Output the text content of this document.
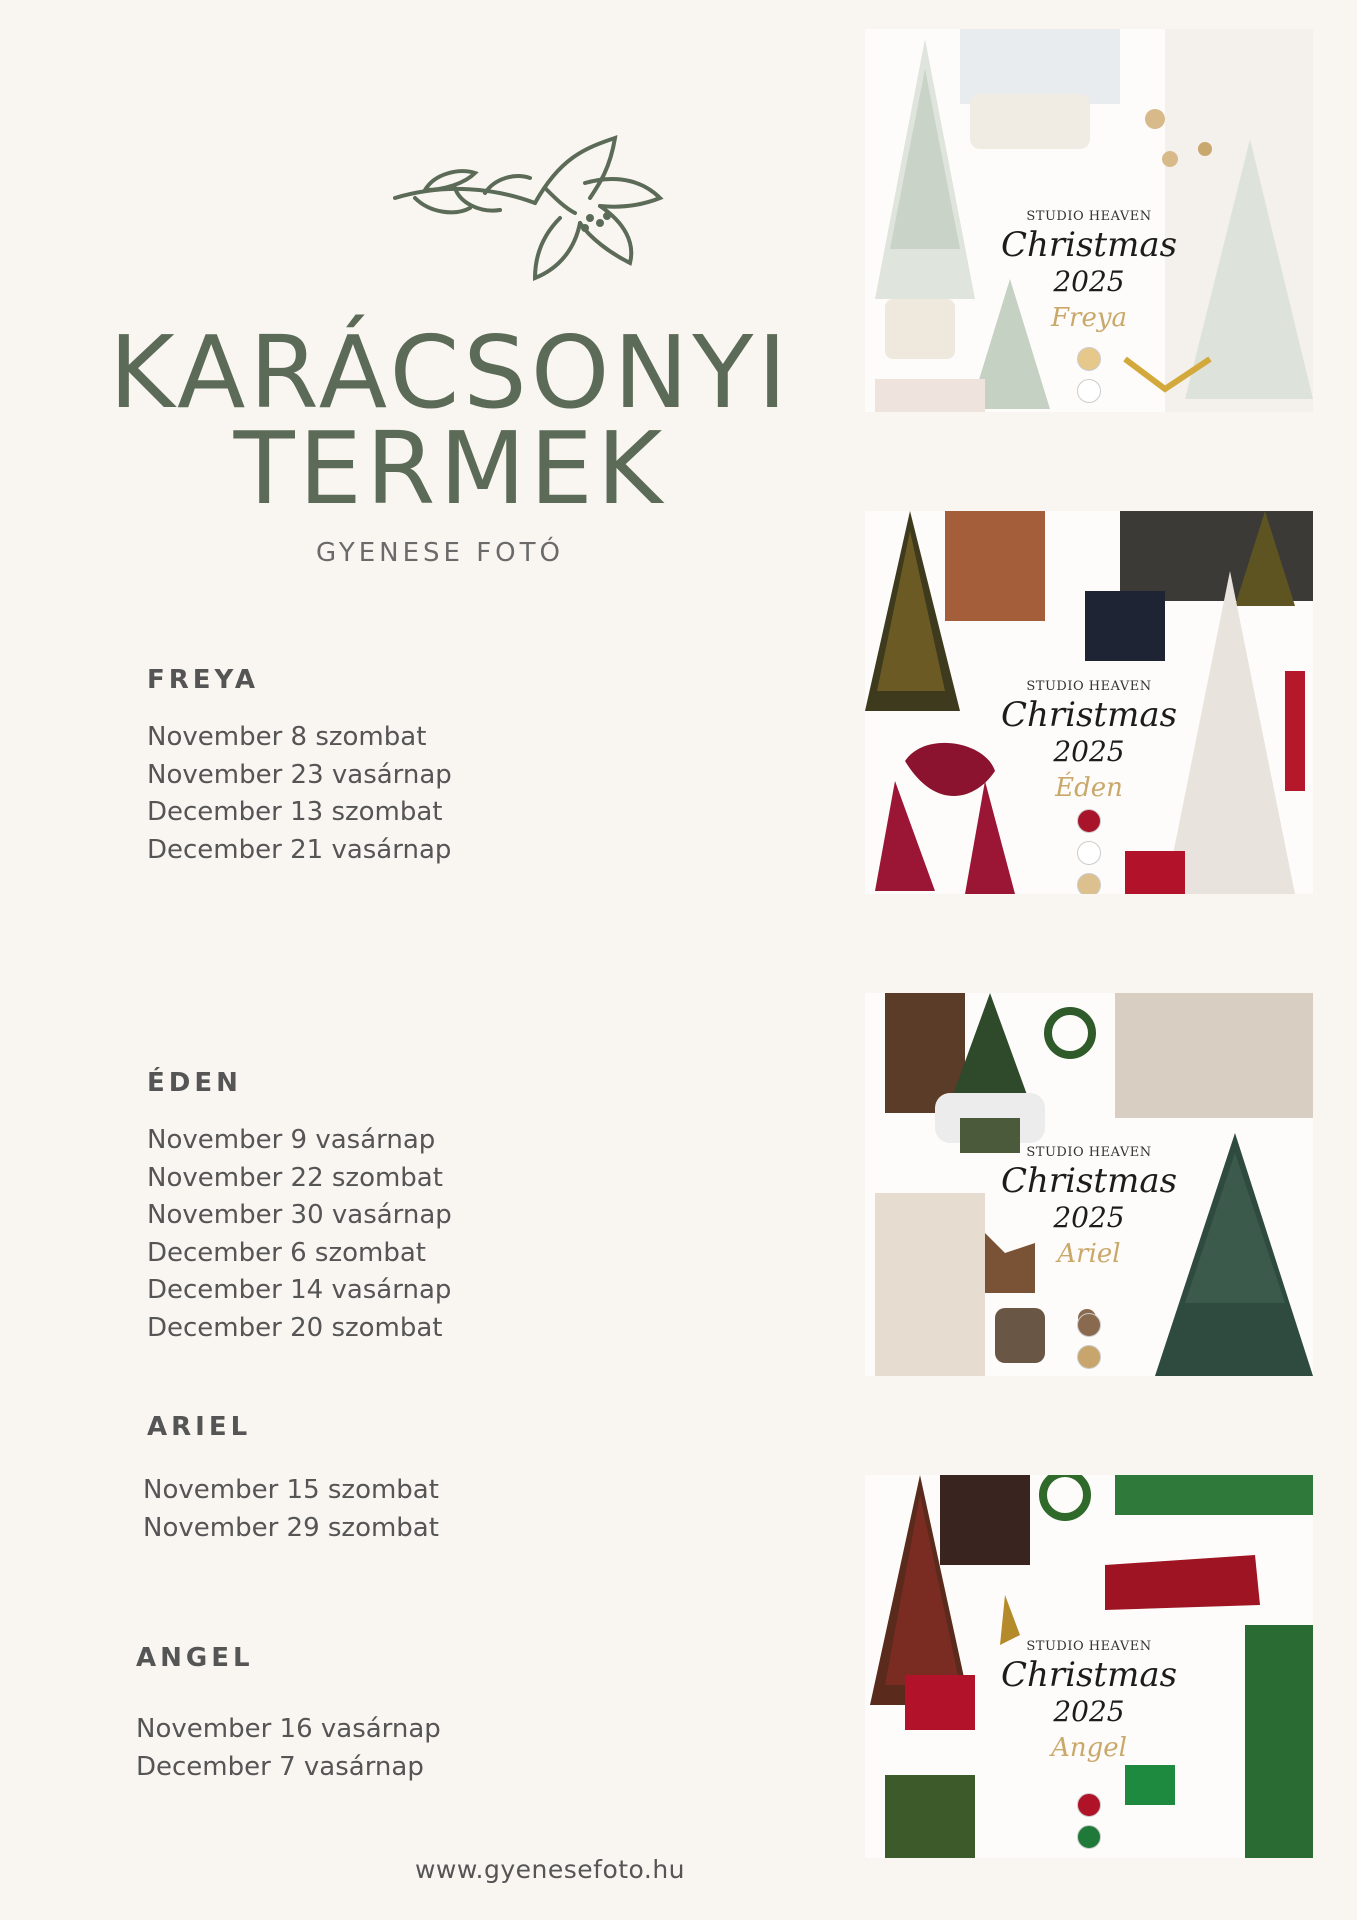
KARÁCSONYI
TERMEK
GYENESE FOTÓ
FREYA
November 8 szombat
November 23 vasárnap
December 13 szombat
December 21 vasárnap
ÉDEN
November 9 vasárnap
November 22 szombat
November 30 vasárnap
December 6 szombat
December 14 vasárnap
December 20 szombat
ARIEL
November 15 szombat
November 29 szombat
ANGEL
November 16 vasárnap
December 7 vasárnap
STUDIO HEAVEN
Christmas
2025
Freya
STUDIO HEAVEN
Christmas
2025
Éden
STUDIO HEAVEN
Christmas
2025
Ariel
STUDIO HEAVEN
Christmas
2025
Angel
www.gyenesefoto.hu
